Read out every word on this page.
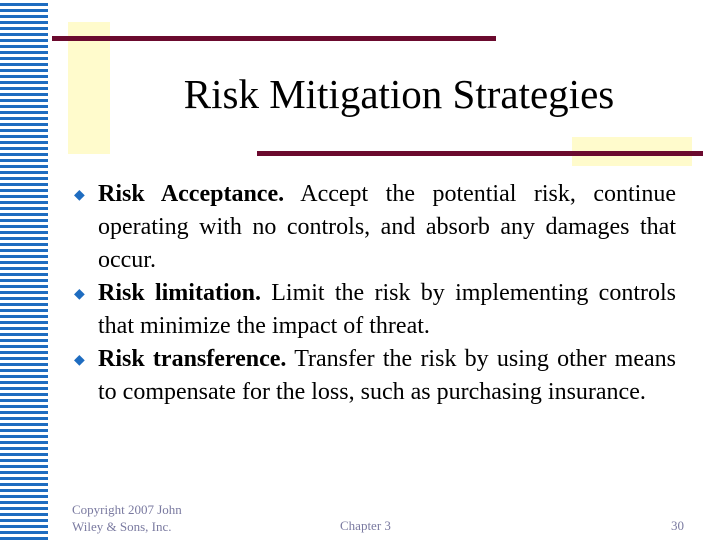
Risk Mitigation Strategies
◆ Risk Acceptance. Accept the potential risk, continue operating with no controls, and absorb any damages that occur.
◆ Risk limitation. Limit the risk by implementing controls that minimize the impact of threat.
◆ Risk transference. Transfer the risk by using other means to compensate for the loss, such as purchasing insurance.
Copyright 2007 John Wiley & Sons, Inc.	Chapter 3	30
